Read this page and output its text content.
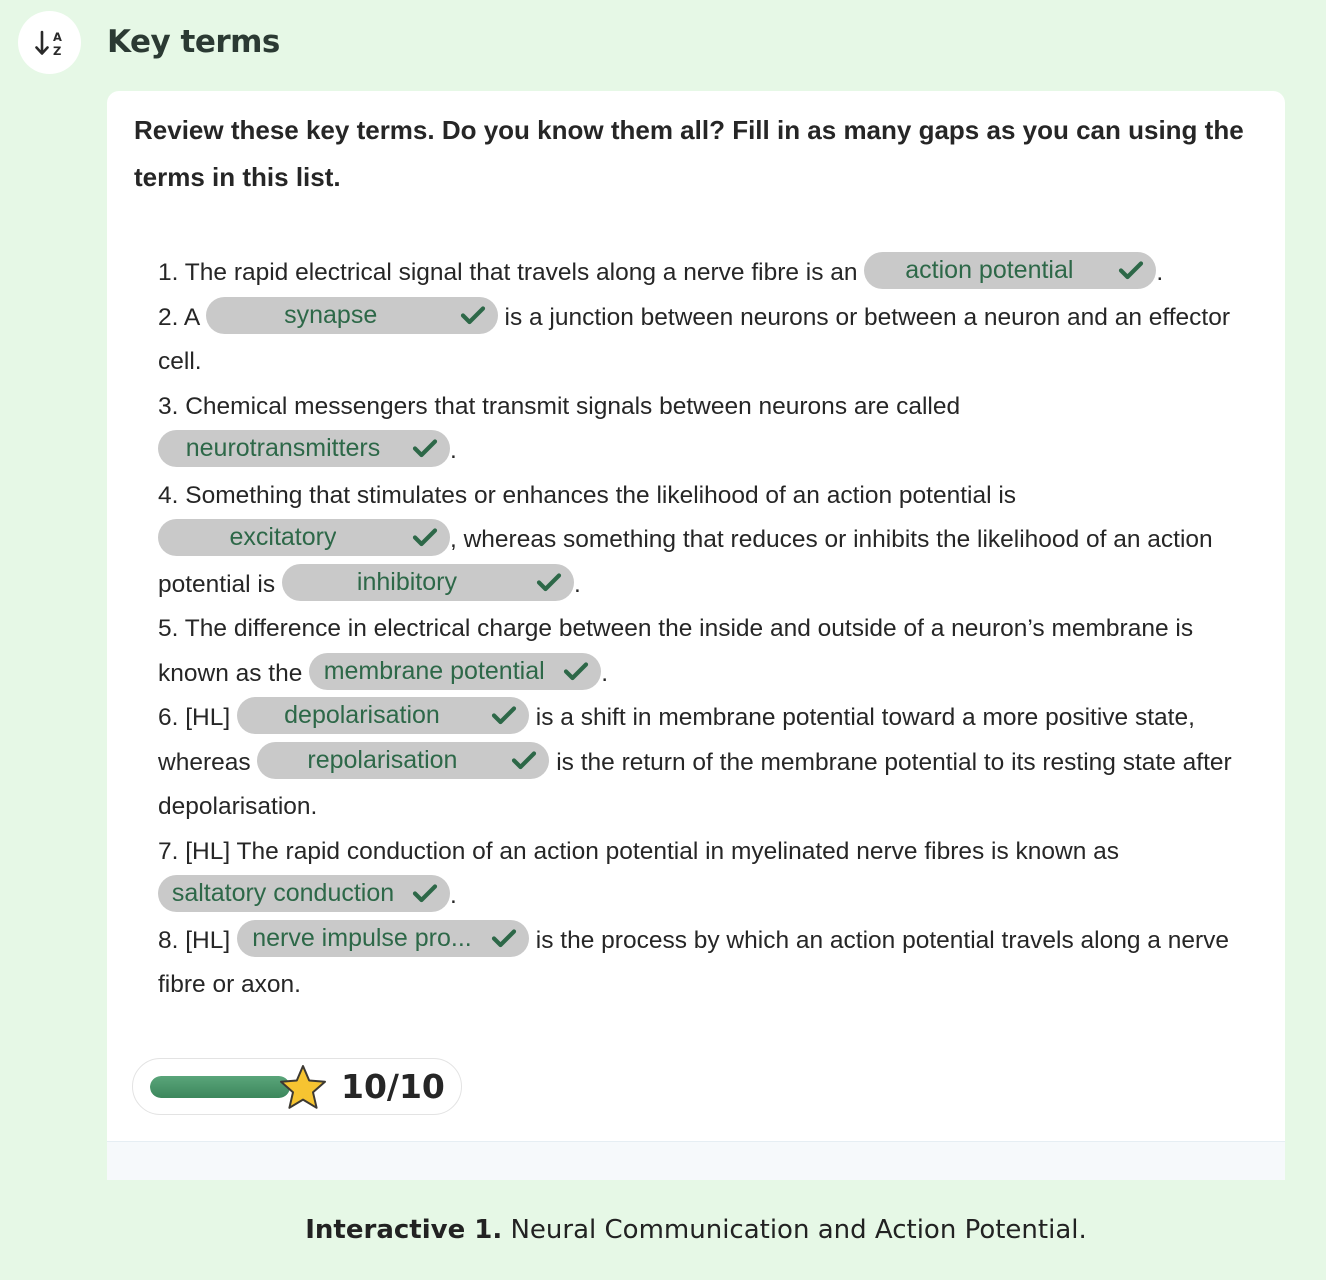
A
Z Key terms
Review these key terms. Do you know them all? Fill in as many gaps as you can using the terms in this list.
1. The rapid electrical signal that travels along a nerve fibre is an action potential	.
2. A	synapse	is a junction between neurons or between a neuron and an effector cell.
3. Chemical messengers that transmit signals between neurons are called neurotransmitters	.
4. Something that stimulates or enhances the likelihood of an action potential is excitatory	, whereas something that reduces or inhibits the likelihood of an action potential is	inhibitory	.
5. The difference in electrical charge between the inside and outside of a neuron’s membrane is known as the membrane potential .
6. [HL] depolarisation	is a shift in membrane potential toward a more positive state, whereas repolarisation	is the return of the membrane potential to its resting state after depolarisation.
7. [HL] The rapid conduction of an action potential in myelinated nerve fibres is known as saltatory conduction .
8. [HL] nerve impulse pro...
is the process by which an action potential travels along a nerve fibre or axon.
10/10
Interactive 1. Neural Communication and Action Potential.
